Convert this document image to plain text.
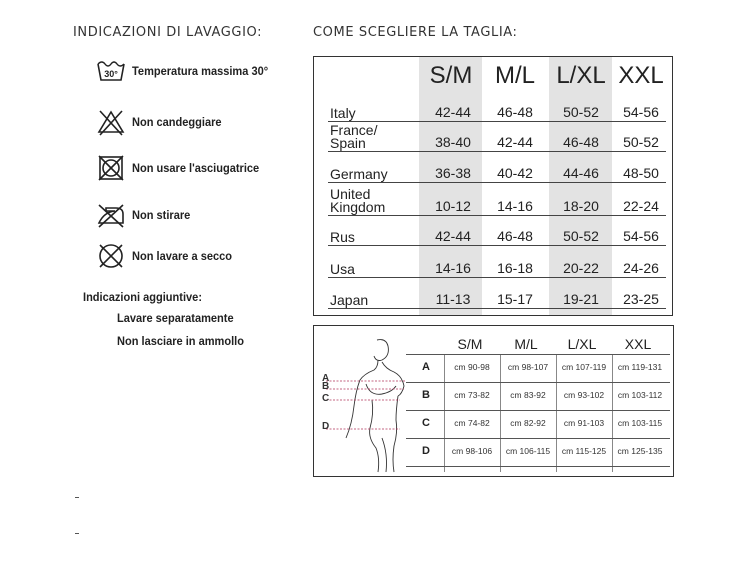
INDICAZIONI DI LAVAGGIO:	COME SCEGLIERE LA TAGLIA:
30° Temperatura massima 30°
Non candeggiare
Non usare l'asciugatrice
Non stirare
Non lavare a secco
Indicazioni aggiuntive:
Lavare separatamente
Non lasciare in ammollo
S/M M/L L/XL XXL
Italy	42-44	46-48	50-52	54-56
France/
Spain	38-40	42-44	46-48	50-52
Germany	36-38	40-42	44-46	48-50
United
Kingdom	10-12	14-16	18-20	22-24
Rus	42-44	46-48	50-52	54-56
Usa	14-16	16-18	20-22	24-26
Japan	11-13	15-17	19-21	23-25
A
B
C
D
S/M	M/L	L/XL	XXL
A	cm 90-98	cm 98-107	cm 107-119	cm 119-131
B	cm 73-82	cm 83-92	cm 93-102	cm 103-112
C	cm 74-82	cm 82-92	cm 91-103	cm 103-115
D	cm 98-106	cm 106-115	cm 115-125	cm 125-135
